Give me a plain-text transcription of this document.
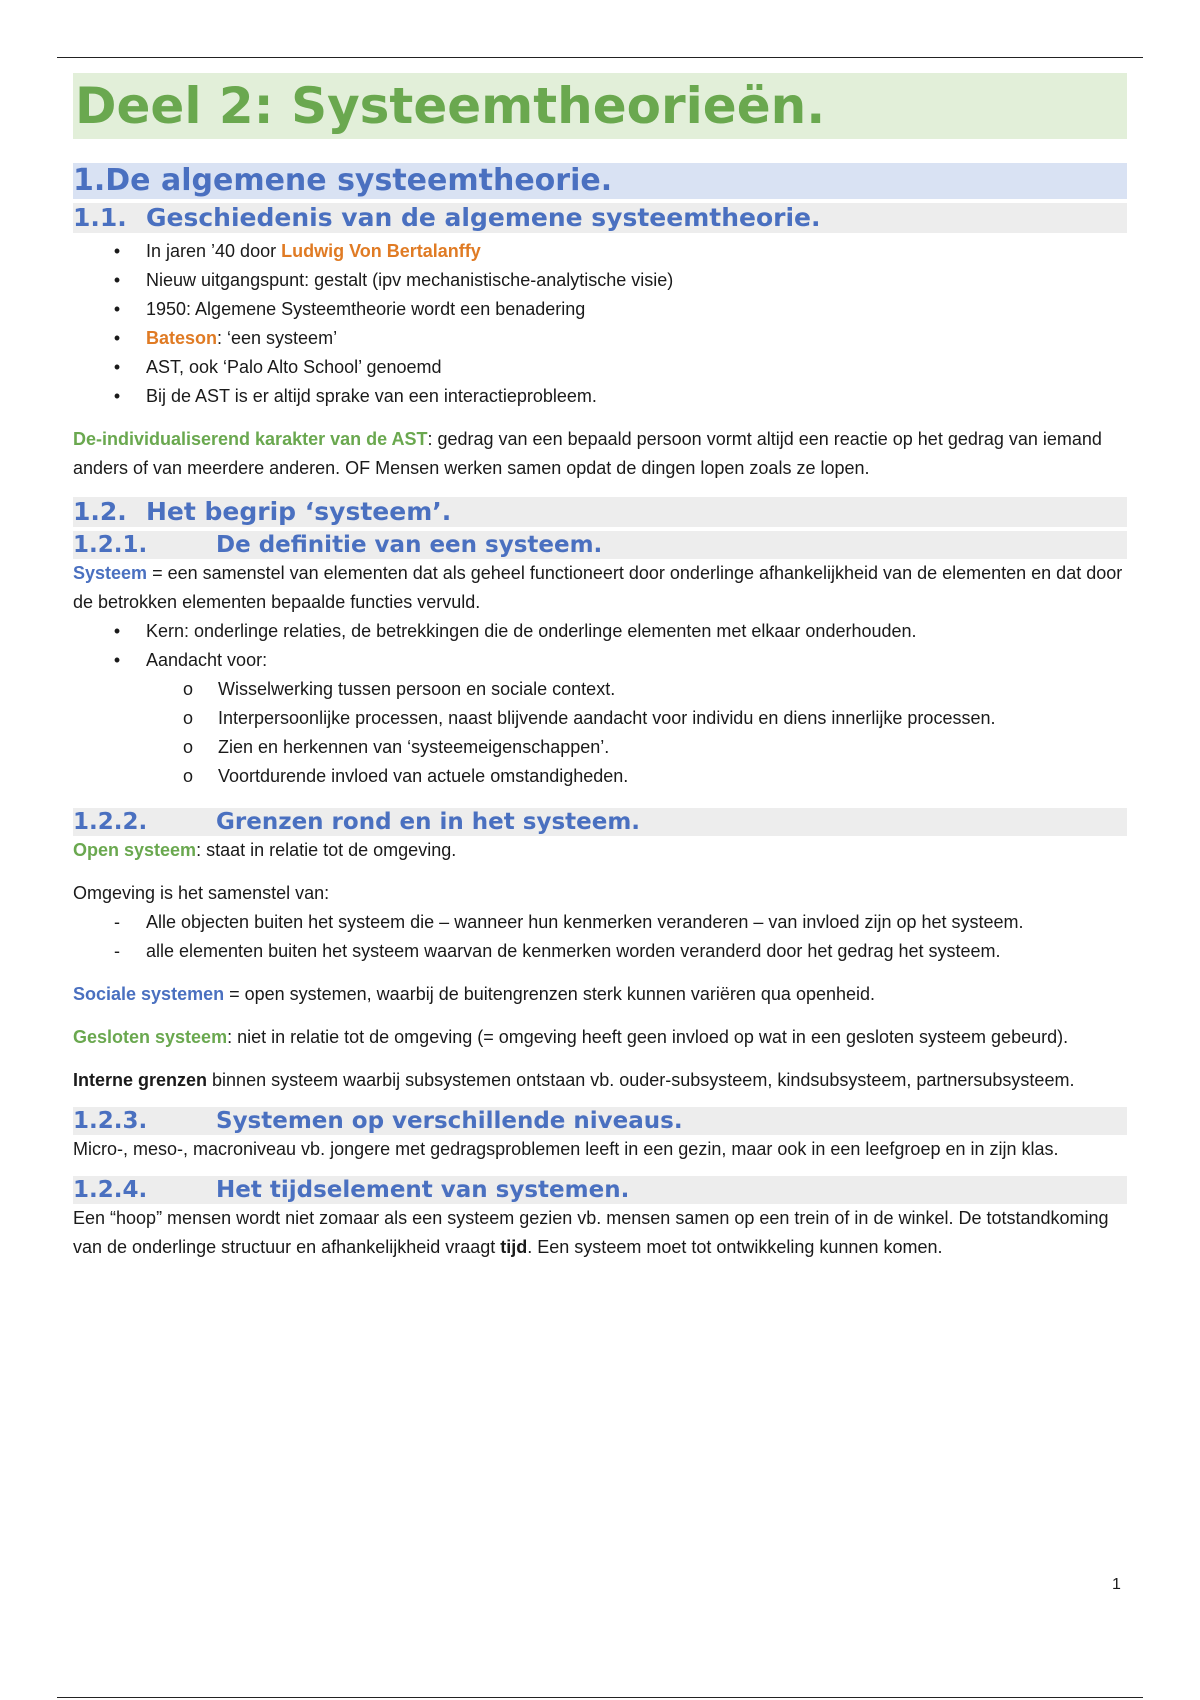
Deel 2: Systeemtheorieën.
1.De algemene systeemtheorie.
1.1. Geschiedenis van de algemene systeemtheorie.
•	In jaren ’40 door Ludwig Von Bertalanffy
•	Nieuw uitgangspunt: gestalt (ipv mechanistische-analytische visie)
•	1950: Algemene Systeemtheorie wordt een benadering
•	Bateson: ‘een systeem’
•	AST, ook ‘Palo Alto School’ genoemd
•	Bij de AST is er altijd sprake van een interactieprobleem.

De-individualiserend karakter van de AST: gedrag van een bepaald persoon vormt altijd een reactie op het gedrag van iemand anders of van meerdere anderen. OF Mensen werken samen opdat de dingen lopen zoals ze lopen.

1.2. Het begrip ‘systeem’.
1.2.1.	De definitie van een systeem.

Systeem = een samenstel van elementen dat als geheel functioneert door onderlinge afhankelijkheid van de elementen en dat door de betrokken elementen bepaalde functies vervuld.

•	Kern: onderlinge relaties, de betrekkingen die de onderlinge elementen met elkaar onderhouden.
•	Aandacht voor:
o Wisselwerking tussen persoon en sociale context.
o Interpersoonlijke processen, naast blijvende aandacht voor individu en diens innerlijke processen.
o Zien en herkennen van ‘systeemeigenschappen’.
o Voortdurende invloed van actuele omstandigheden.
1.2.2.	Grenzen rond en in het systeem.

Open systeem: staat in relatie tot de omgeving.

Omgeving is het samenstel van:

-	Alle objecten buiten het systeem die – wanneer hun kenmerken veranderen – van invloed zijn op het systeem.
-	alle elementen buiten het systeem waarvan de kenmerken worden veranderd door het gedrag het systeem.

Sociale systemen = open systemen, waarbij de buitengrenzen sterk kunnen variëren qua openheid.

Gesloten systeem: niet in relatie tot de omgeving (= omgeving heeft geen invloed op wat in een gesloten systeem gebeurd).

Interne grenzen binnen systeem waarbij subsystemen ontstaan vb. ouder-subsysteem, kindsubsysteem, partnersubsysteem.

1.2.3.	Systemen op verschillende niveaus.

Micro-, meso-, macroniveau vb. jongere met gedragsproblemen leeft in een gezin, maar ook in een leefgroep en in zijn klas.

1.2.4.	Het tijdselement van systemen.

Een “hoop” mensen wordt niet zomaar als een systeem gezien vb. mensen samen op een trein of in de winkel. De totstandkoming van de onderlinge structuur en afhankelijkheid vraagt tijd. Een systeem moet tot ontwikkeling kunnen komen.

1
